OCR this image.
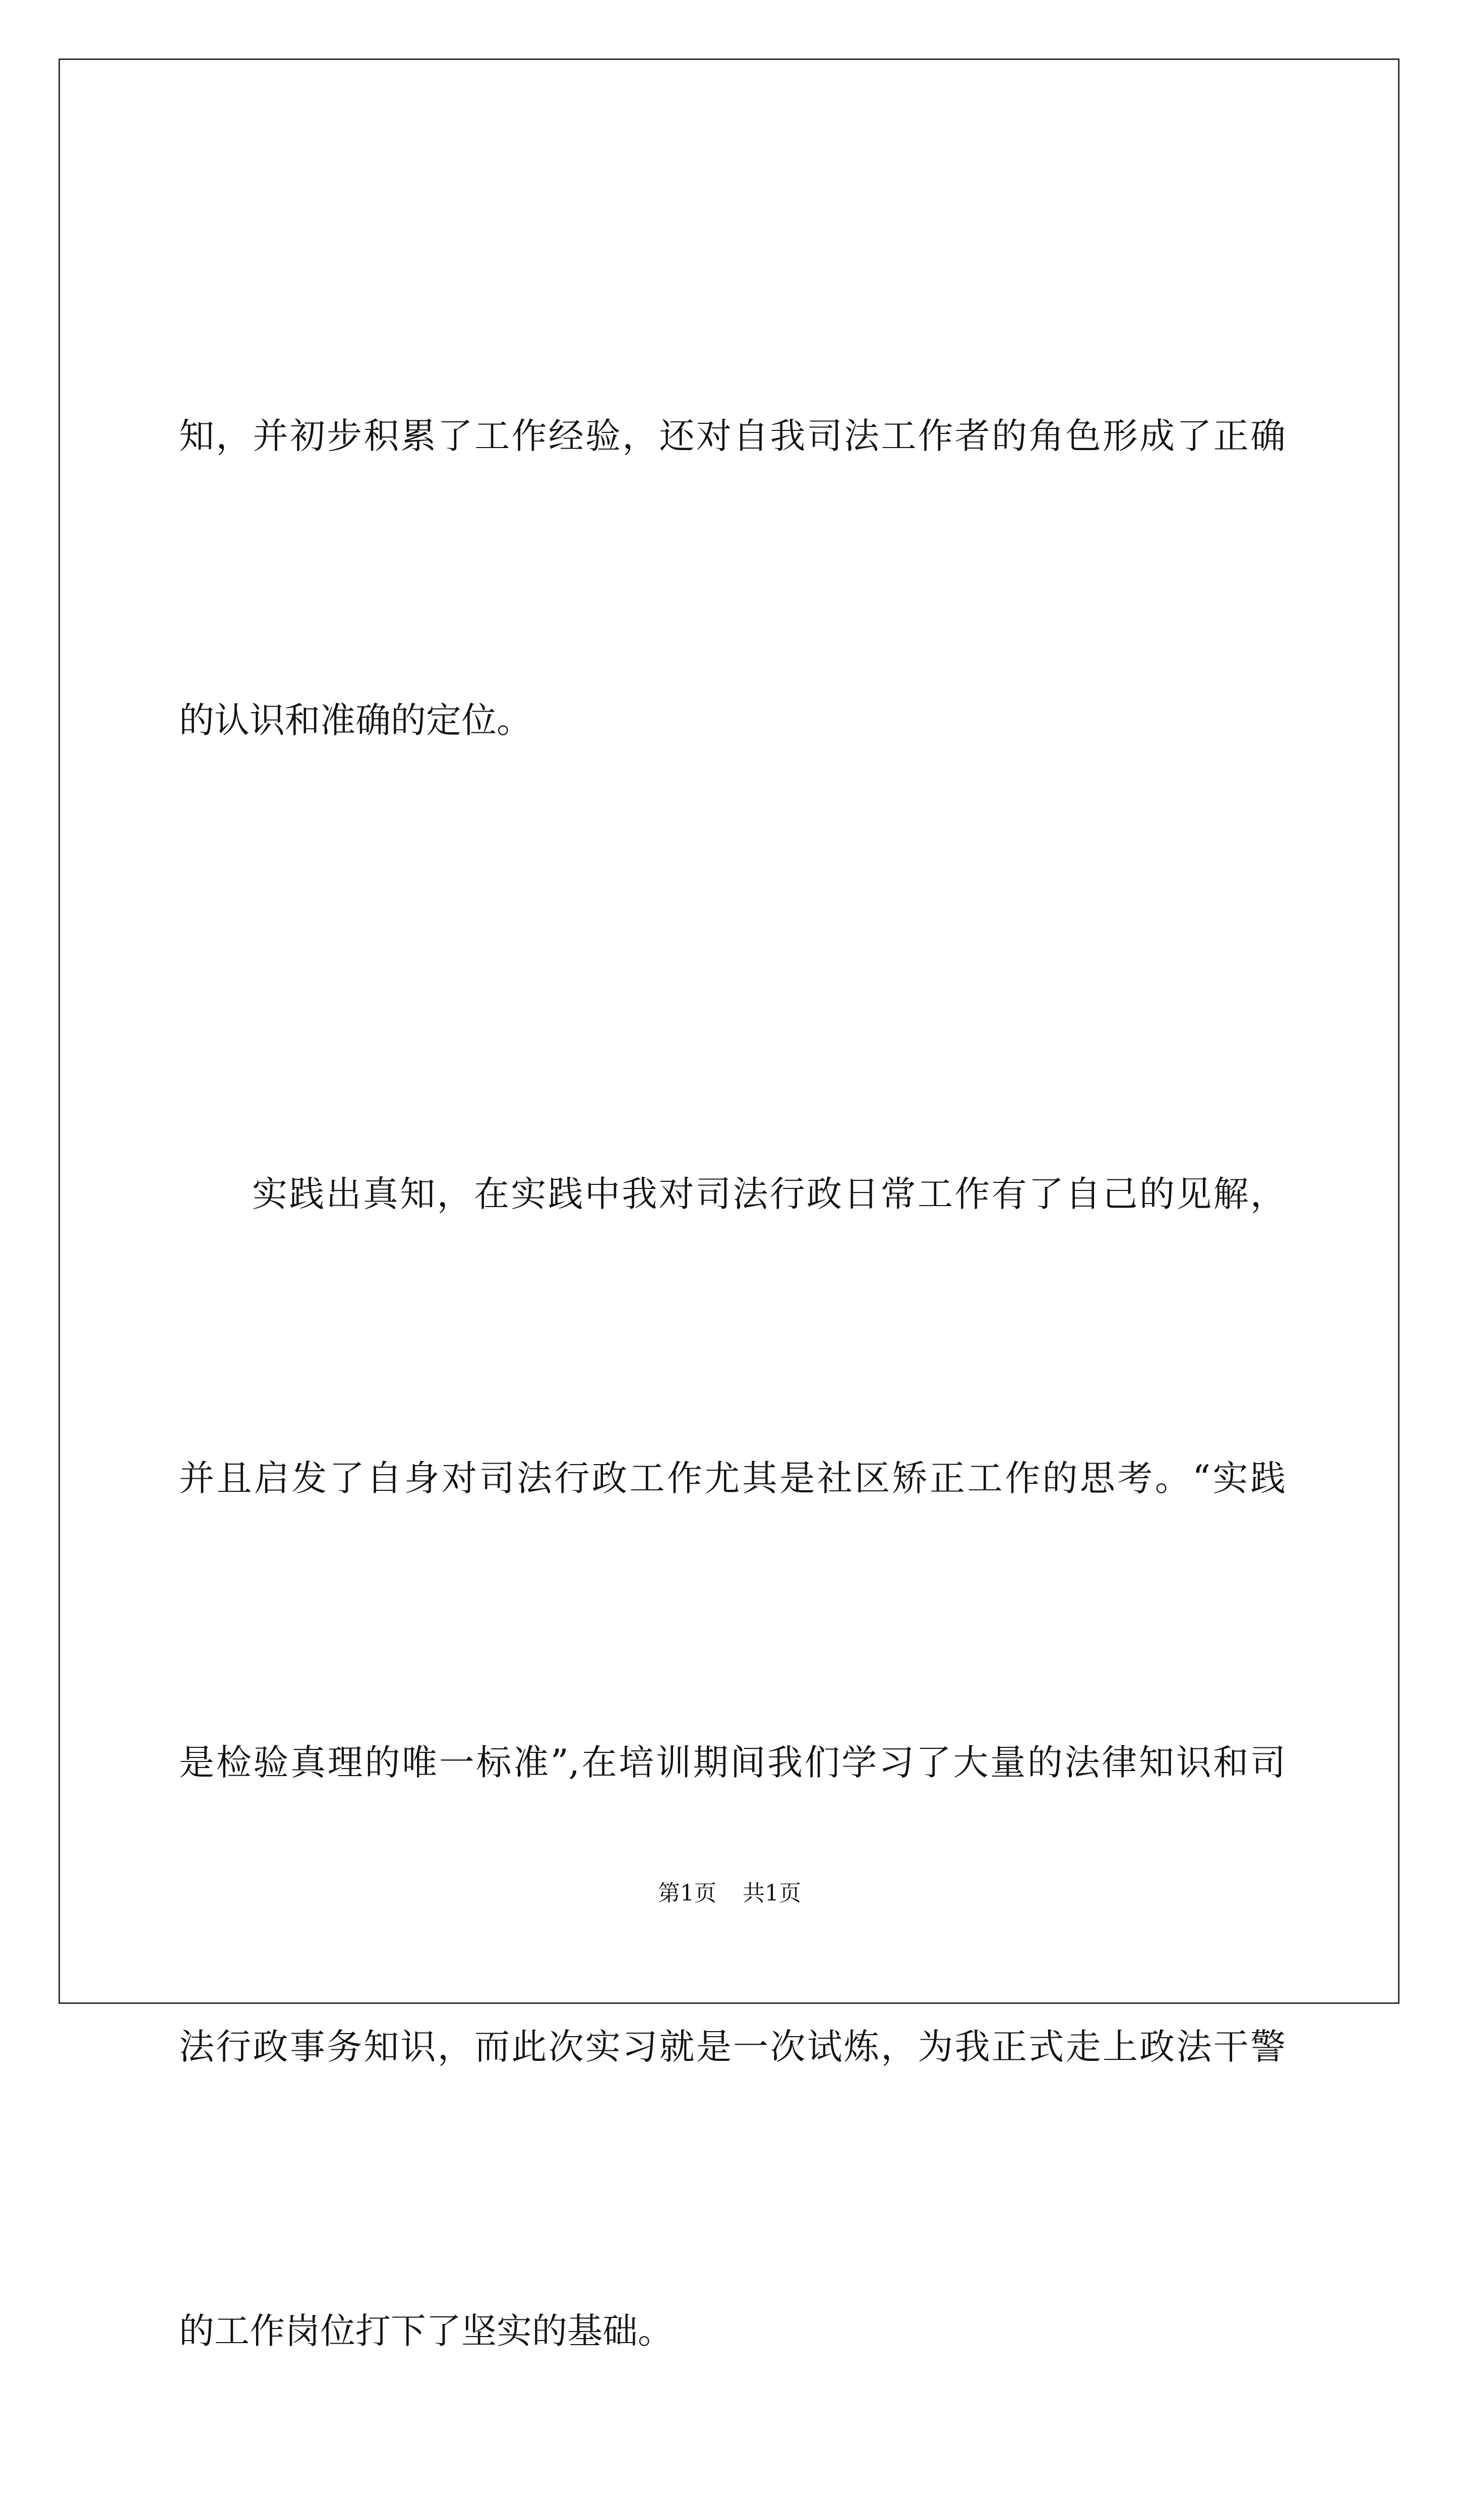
知，并初步积累了工作经验，还对自我司法工作者的角色形成了正确

的认识和准确的定位。

实践出真知，在实践中我对司法行政日常工作有了自己的见解，

并且启发了自身对司法行政工作尤其是社区矫正工作的思考。“实践

是检验真理的唯一标准”,在培训期间我们学习了大量的法律知识和司

法行政事务知识，而此次实习就是一次试炼，为我正式走上政法干警

的工作岗位打下了坚实的基础。

第1页 共1页
